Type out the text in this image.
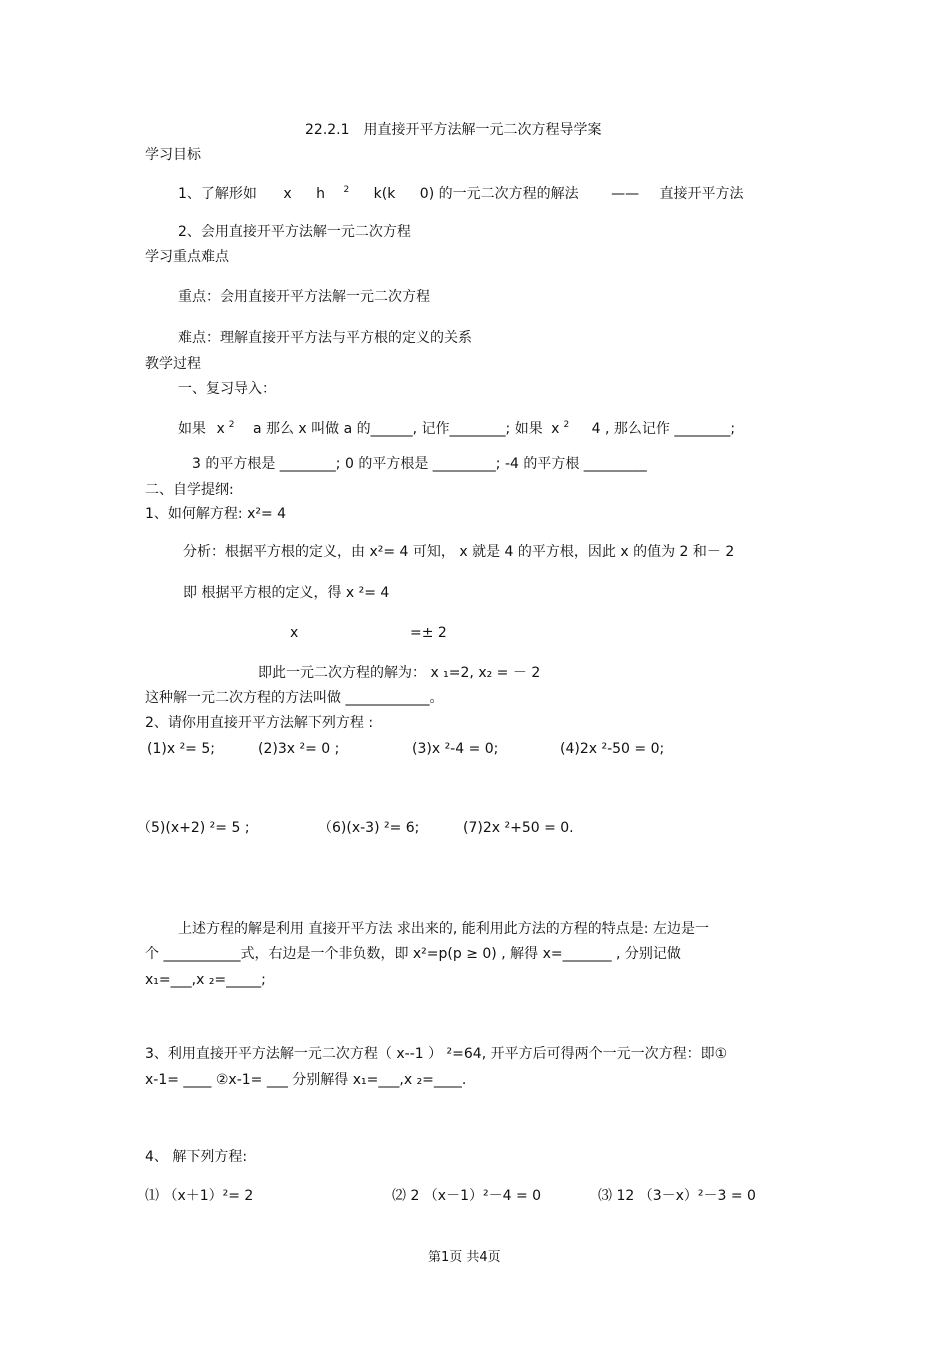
22.2.1　用直接开平方法解一元二次方程导学案
学习目标
1、了解形如 x h $^2$ k(k 0) 的一元二次方程的解法 —— 直接开平方法
2、会用直接开平方法解一元二次方程
学习重点难点
重点：会用直接开平方法解一元二次方程
难点：理解直接开平方法与平方根的定义的关系
教学过程
一、复习导入：
如果 x $^2$ a 那么 x 叫做 a 的______, 记作________; 如果 x $^2$ 4 , 那么记作 ________;
3 的平方根是 ________; 0 的平方根是 _________; -4 的平方根 _________
二、自学提纲:
1、如何解方程: x²= 4
分析：根据平方根的定义，由 x²= 4 可知， x 就是 4 的平方根，因此 x 的值为 2 和－ 2
即 根据平方根的定义，得 x ²= 4
x	=± 2
即此一元二次方程的解为： x ₁=2, x₂ = － 2
这种解一元二次方程的方法叫做 ____________。
2、请你用直接开平方法解下列方程 :
(1)x ²= 5;	(2)3x ²= 0 ;	(3)x ²-4 = 0;	(4)2x ²-50 = 0;
（5)(x+2) ²= 5 ;	（6)(x-3) ²= 6;	(7)2x ²+50 = 0.
上述方程的解是利用 直接开平方法 求出来的, 能利用此方法的方程的特点是: 左边是一
个 ___________式，右边是一个非负数，即 x²=p(p ≥ 0) , 解得 x=_______ , 分别记做
x₁=___,x ₂=_____;
3、利用直接开平方法解一元二次方程（ x--1 ） ²=64, 开平方后可得两个一元一次方程：即①
x-1= ____ ②x-1= ___ 分别解得 x₁=___,x ₂=____.
4、 解下列方程:
⑴ （x＋1）²= 2	⑵ 2 （x－1）²－4 = 0	⑶ 12 （3－x）²－3 = 0
第1页 共4页
